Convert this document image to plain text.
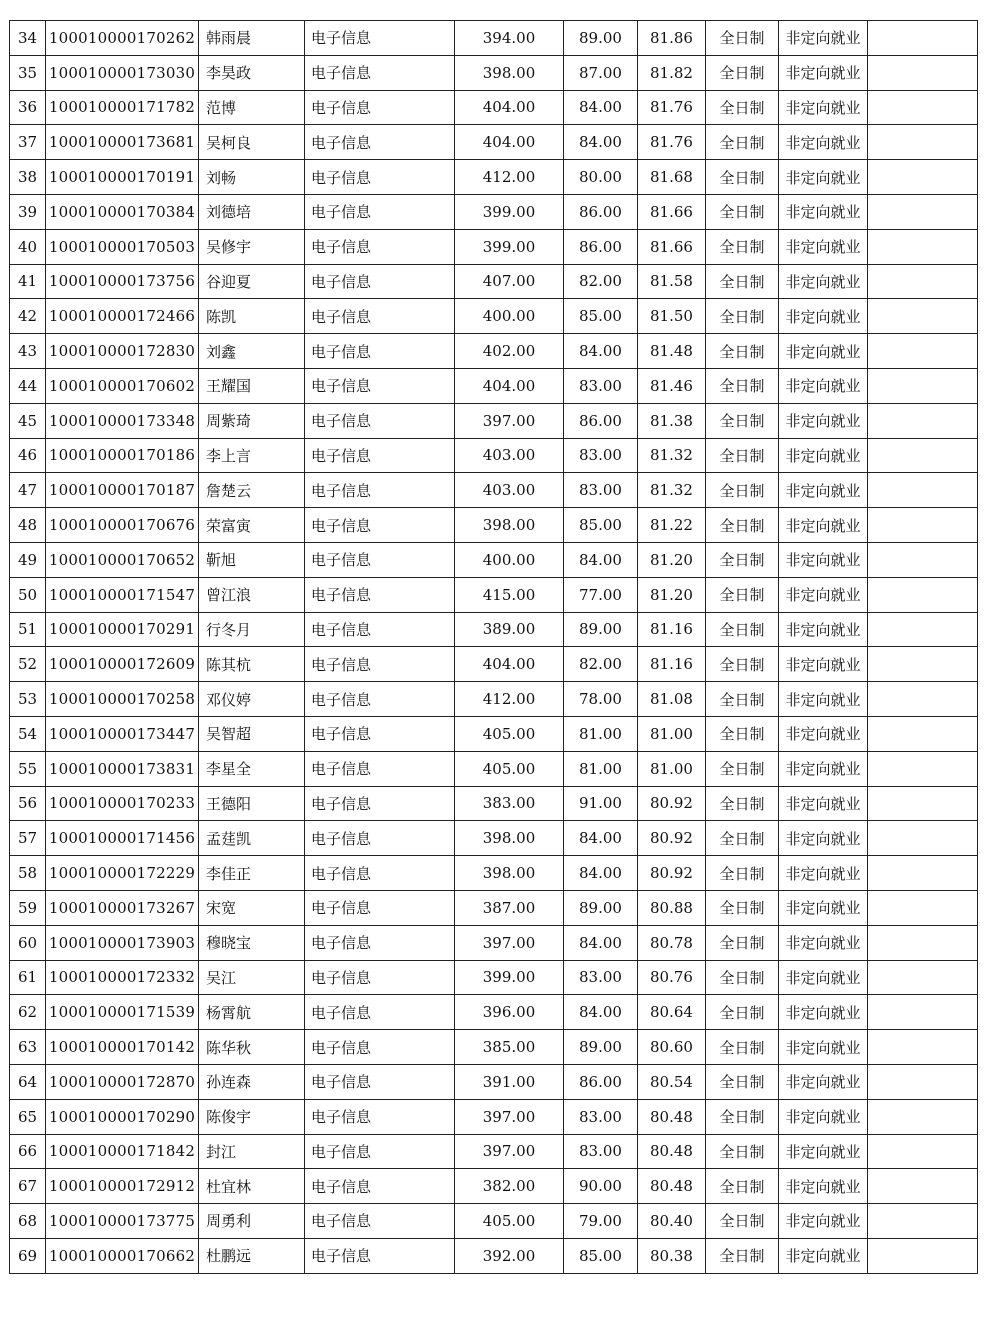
34	100010000170262	韩雨晨	电子信息	394.00	89.00	81.86	全日制	非定向就业	
35	100010000173030	李昊政	电子信息	398.00	87.00	81.82	全日制	非定向就业	
36	100010000171782	范博	电子信息	404.00	84.00	81.76	全日制	非定向就业	
37	100010000173681	吴柯良	电子信息	404.00	84.00	81.76	全日制	非定向就业	
38	100010000170191	刘畅	电子信息	412.00	80.00	81.68	全日制	非定向就业	
39	100010000170384	刘德培	电子信息	399.00	86.00	81.66	全日制	非定向就业	
40	100010000170503	吴修宇	电子信息	399.00	86.00	81.66	全日制	非定向就业	
41	100010000173756	谷迎夏	电子信息	407.00	82.00	81.58	全日制	非定向就业	
42	100010000172466	陈凯	电子信息	400.00	85.00	81.50	全日制	非定向就业	
43	100010000172830	刘鑫	电子信息	402.00	84.00	81.48	全日制	非定向就业	
44	100010000170602	王耀国	电子信息	404.00	83.00	81.46	全日制	非定向就业	
45	100010000173348	周紫琦	电子信息	397.00	86.00	81.38	全日制	非定向就业	
46	100010000170186	李上言	电子信息	403.00	83.00	81.32	全日制	非定向就业	
47	100010000170187	詹楚云	电子信息	403.00	83.00	81.32	全日制	非定向就业	
48	100010000170676	荣富寅	电子信息	398.00	85.00	81.22	全日制	非定向就业	
49	100010000170652	靳旭	电子信息	400.00	84.00	81.20	全日制	非定向就业	
50	100010000171547	曾江浪	电子信息	415.00	77.00	81.20	全日制	非定向就业	
51	100010000170291	行冬月	电子信息	389.00	89.00	81.16	全日制	非定向就业	
52	100010000172609	陈其杭	电子信息	404.00	82.00	81.16	全日制	非定向就业	
53	100010000170258	邓仪婷	电子信息	412.00	78.00	81.08	全日制	非定向就业	
54	100010000173447	吴智超	电子信息	405.00	81.00	81.00	全日制	非定向就业	
55	100010000173831	李星全	电子信息	405.00	81.00	81.00	全日制	非定向就业	
56	100010000170233	王德阳	电子信息	383.00	91.00	80.92	全日制	非定向就业	
57	100010000171456	孟莛凯	电子信息	398.00	84.00	80.92	全日制	非定向就业	
58	100010000172229	李佳正	电子信息	398.00	84.00	80.92	全日制	非定向就业	
59	100010000173267	宋宽	电子信息	387.00	89.00	80.88	全日制	非定向就业	
60	100010000173903	穆晓宝	电子信息	397.00	84.00	80.78	全日制	非定向就业	
61	100010000172332	吴江	电子信息	399.00	83.00	80.76	全日制	非定向就业	
62	100010000171539	杨霄航	电子信息	396.00	84.00	80.64	全日制	非定向就业	
63	100010000170142	陈华秋	电子信息	385.00	89.00	80.60	全日制	非定向就业	
64	100010000172870	孙连森	电子信息	391.00	86.00	80.54	全日制	非定向就业	
65	100010000170290	陈俊宇	电子信息	397.00	83.00	80.48	全日制	非定向就业	
66	100010000171842	封江	电子信息	397.00	83.00	80.48	全日制	非定向就业	
67	100010000172912	杜宜林	电子信息	382.00	90.00	80.48	全日制	非定向就业	
68	100010000173775	周勇利	电子信息	405.00	79.00	80.40	全日制	非定向就业	
69	100010000170662	杜鹏远	电子信息	392.00	85.00	80.38	全日制	非定向就业	
